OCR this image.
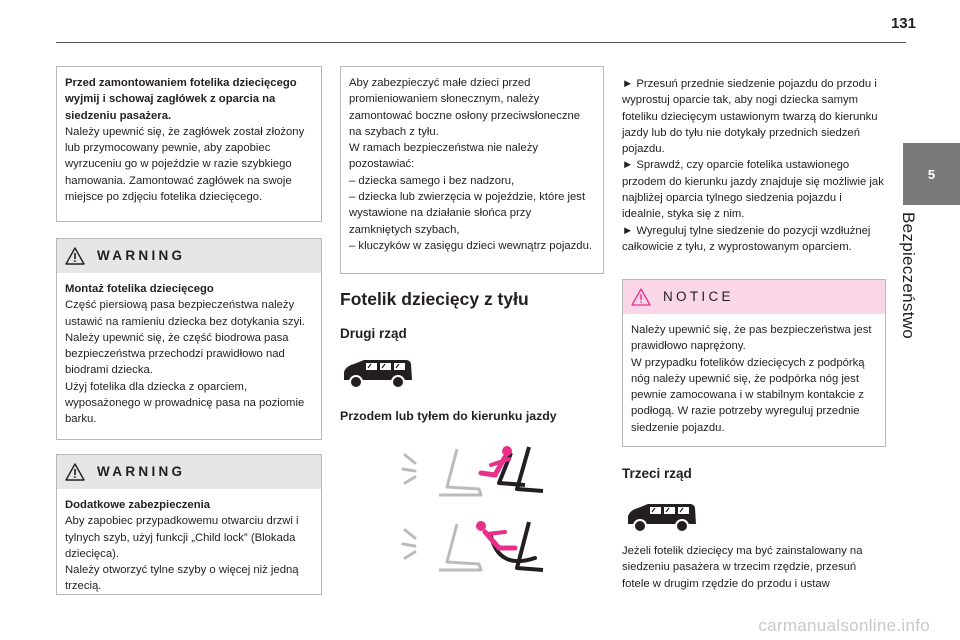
131
5
Bezpieczeństwo

Przed zamontowaniem fotelika dziecięcego wyjmij i schowaj zagłówek z oparcia na siedzeniu pasażera.

Należy upewnić się, że zagłówek został złożony lub przymocowany pewnie, aby zapobiec wyrzuceniu go w pojeździe w razie szybkiego hamowania. Zamontować zagłówek na swoje miejsce po zdjęciu fotelika dziecięcego.

WARNING

Montaż fotelika dziecięcego

Część piersiową pasa bezpieczeństwa należy ustawić na ramieniu dziecka bez dotykania szyi.

Należy upewnić się, że część biodrowa pasa bezpieczeństwa przechodzi prawidłowo nad biodrami dziecka.

Użyj fotelika dla dziecka z oparciem, wyposażonego w prowadnicę pasa na poziomie barku.

WARNING

Dodatkowe zabezpieczenia

Aby zapobiec przypadkowemu otwarciu drzwi i tylnych szyb, użyj funkcji „Child lock” (Blokada dziecięca).

Należy otworzyć tylne szyby o więcej niż jedną trzecią.

Aby zabezpieczyć małe dzieci przed promieniowaniem słonecznym, należy zamontować boczne osłony przeciwsłoneczne na szybach z tyłu.

W ramach bezpieczeństwa nie należy pozostawiać:

– dziecka samego i bez nadzoru,

– dziecka lub zwierzęcia w pojeździe, które jest wystawione na działanie słońca przy zamkniętych szybach,

– kluczyków w zasięgu dzieci wewnątrz pojazdu.

Fotelik dziecięcy z tyłu
Drugi rząd
Przodem lub tyłem do kierunku jazdy

► Przesuń przednie siedzenie pojazdu do przodu i wyprostuj oparcie tak, aby nogi dziecka samym foteliku dziecięcym ustawionym twarzą do kierunku jazdy lub do tyłu nie dotykały przednich siedzeń pojazdu.

► Sprawdź, czy oparcie fotelika ustawionego przodem do kierunku jazdy znajduje się możliwie jak najbliżej oparcia tylnego siedzenia pojazdu i idealnie, styka się z nim.

► Wyreguluj tylne siedzenie do pozycji wzdłużnej całkowicie z tyłu, z wyprostowanym oparciem.

NOTICE

Należy upewnić się, że pas bezpieczeństwa jest prawidłowo naprężony.

W przypadku fotelików dziecięcych z podpórką nóg należy upewnić się, że podpórka nóg jest pewnie zamocowana i w stabilnym kontakcie z podłogą. W razie potrzeby wyreguluj przednie siedzenie pojazdu.

Trzeci rząd
Jeżeli fotelik dziecięcy ma być zainstalowany na siedzeniu pasażera w trzecim rzędzie, przesuń fotele w drugim rzędzie do przodu i ustaw
carmanualsonline.info
